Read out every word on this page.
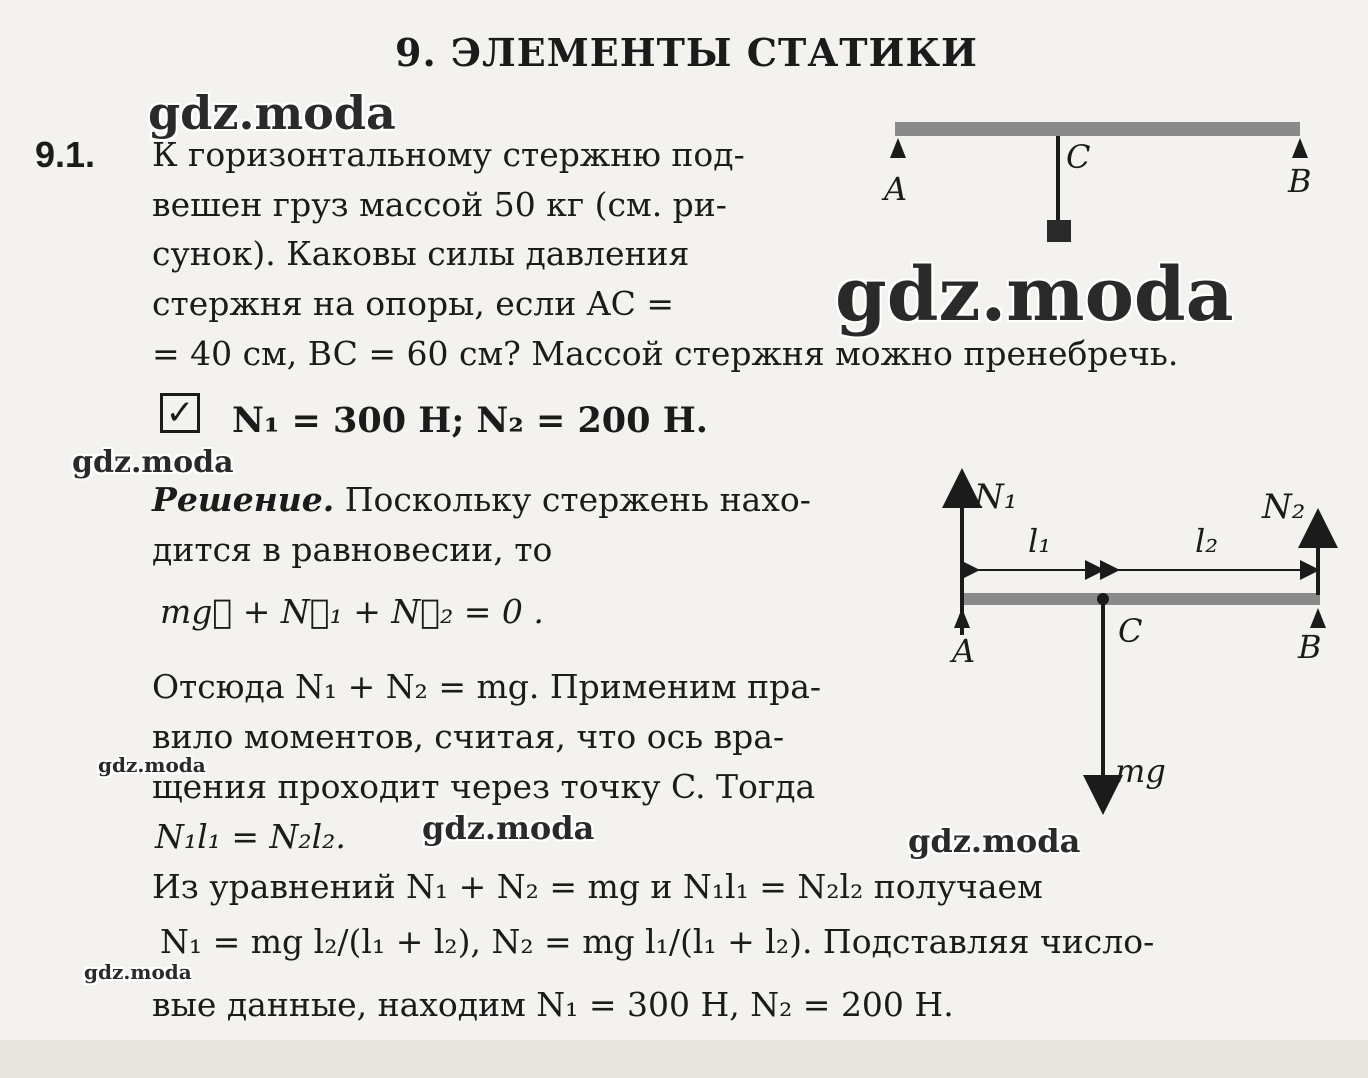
9. ЭЛЕМЕНТЫ СТАТИКИ
9.1. К горизонтальному стержню под-
вешен груз массой 50 кг (см. ри-
сунок). Каковы силы давления
стержня на опоры, если AC =
= 40 см, BC = 60 см? Массой стержня можно пренебречь.
✓ N₁ = 300 Н; N₂ = 200 Н.
Решение. Поскольку стержень нахо-
дится в равновесии, то
mg⃗ + N⃗₁ + N⃗₂ = 0 .
Отсюда N₁ + N₂ = mg. Применим пра-
вило моментов, считая, что ось вра-
щения проходит через точку C. Тогда
N₁l₁ = N₂l₂.
Из уравнений N₁ + N₂ = mg и N₁l₁ = N₂l₂ получаем
N₁ = mg l₂/(l₁ + l₂), N₂ = mg l₁/(l₁ + l₂). Подставляя число-
вые данные, находим N₁ = 300 Н, N₂ = 200 Н.
A
C
B
N₁	N₂
l₁	l₂
A
C	B
mg
gdz.moda
gdz.moda
gdz.moda
gdz.moda
gdz.moda	gdz.moda
gdz.moda
